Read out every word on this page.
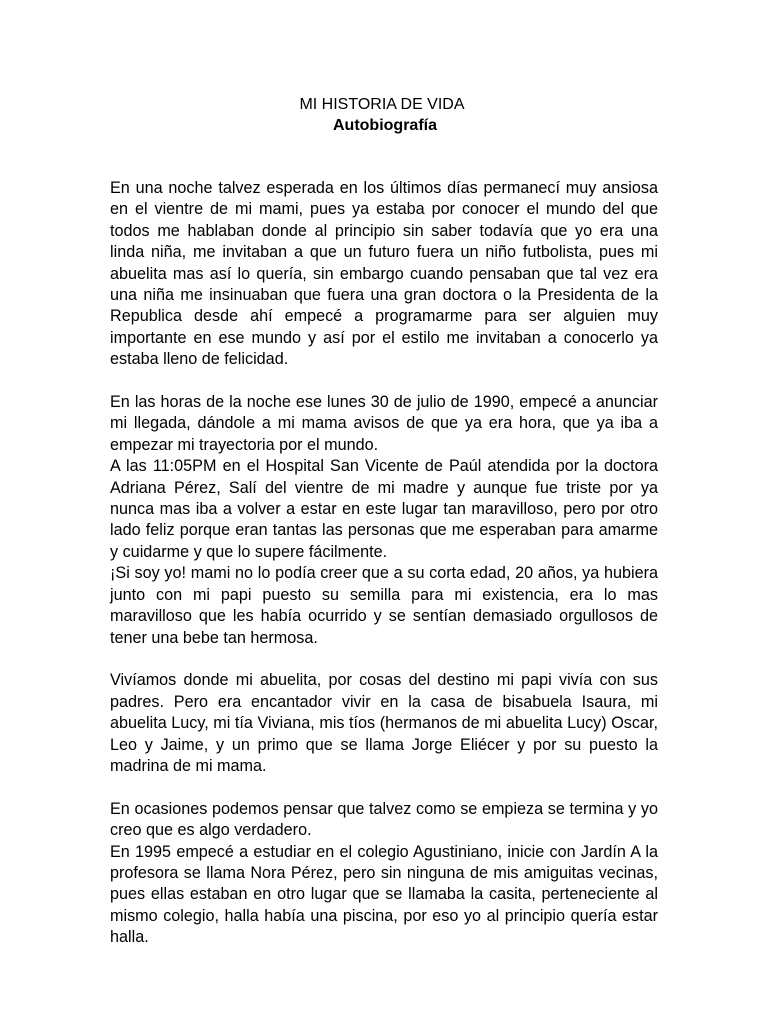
MI HISTORIA DE VIDA
Autobiografía

En una noche talvez esperada en los últimos días permanecí muy ansiosa en el vientre de mi mami, pues ya estaba por conocer el mundo del que todos me hablaban donde al principio sin saber todavía que yo era una linda niña, me invitaban a que un futuro fuera un niño futbolista, pues mi abuelita mas así lo quería, sin embargo cuando pensaban que tal vez era una niña me insinuaban que fuera una gran doctora o la Presidenta de la Republica desde ahí empecé a programarme para ser alguien muy importante en ese mundo y así por el estilo me invitaban a conocerlo ya estaba lleno de felicidad.

En las horas de la noche ese lunes 30 de julio de 1990, empecé a anunciar mi llegada, dándole a mi mama avisos de que ya era hora, que ya iba a empezar mi trayectoria por el mundo.

A las 11:05PM en el Hospital San Vicente de Paúl atendida por la doctora Adriana Pérez, Salí del vientre de mi madre y aunque fue triste por ya nunca mas iba a volver a estar en este lugar tan maravilloso, pero por otro lado feliz porque eran tantas las personas que me esperaban para amarme y cuidarme y que lo supere fácilmente.

¡Si soy yo! mami no lo podía creer que a su corta edad, 20 años, ya hubiera junto con mi papi puesto su semilla para mi existencia, era lo mas maravilloso que les había ocurrido y se sentían demasiado orgullosos de tener una bebe tan hermosa.

Vivíamos donde mi abuelita, por cosas del destino mi papi vivía con sus padres. Pero era encantador vivir en la casa de bisabuela Isaura, mi abuelita Lucy, mi tía Viviana, mis tíos (hermanos de mi abuelita Lucy) Oscar, Leo y Jaime, y un primo que se llama Jorge Eliécer y por su puesto la madrina de mi mama.

En ocasiones podemos pensar que talvez como se empieza se termina y yo creo que es algo verdadero.

En 1995 empecé a estudiar en el colegio Agustiniano, inicie con Jardín A la profesora se llama Nora Pérez, pero sin ninguna de mis amiguitas vecinas, pues ellas estaban en otro lugar que se llamaba la casita, perteneciente al mismo colegio, halla había una piscina, por eso yo al principio quería estar halla.
